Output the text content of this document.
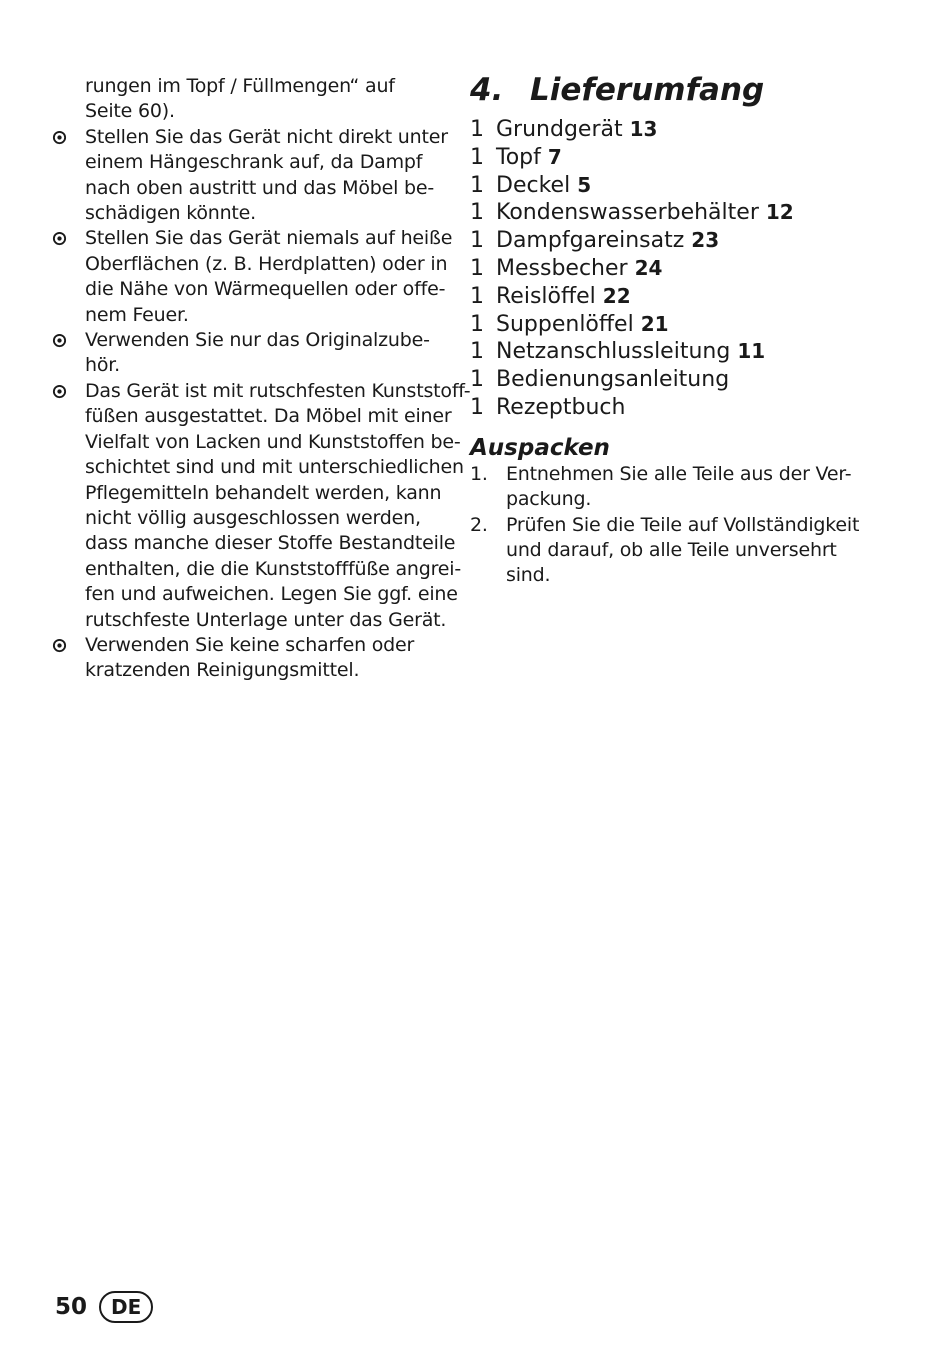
rungen im Topf / Füllmengen“ auf
Seite 60).
Stellen Sie das Gerät nicht direkt unter
einem Hängeschrank auf, da Dampf
nach oben austritt und das Möbel be-
schädigen könnte.
Stellen Sie das Gerät niemals auf heiße
Oberflächen (z. B. Herdplatten) oder in
die Nähe von Wärmequellen oder offe-
nem Feuer.
Verwenden Sie nur das Originalzube-
hör.
Das Gerät ist mit rutschfesten Kunststoff-
füßen ausgestattet. Da Möbel mit einer
Vielfalt von Lacken und Kunststoffen be-
schichtet sind und mit unterschiedlichen
Pflegemitteln behandelt werden, kann
nicht völlig ausgeschlossen werden,
dass manche dieser Stoffe Bestandteile
enthalten, die die Kunststofffüße angrei-
fen und aufweichen. Legen Sie ggf. eine
rutschfeste Unterlage unter das Gerät.
Verwenden Sie keine scharfen oder
kratzenden Reinigungsmittel.
4. Lieferumfang
1 Grundgerät 13
1 Topf 7
1 Deckel 5
1 Kondenswasserbehälter 12
1 Dampfgareinsatz 23
1 Messbecher 24
1 Reislöffel 22
1 Suppenlöffel 21
1 Netzanschlussleitung 11
1 Bedienungsanleitung
1 Rezeptbuch
Auspacken
1. Entnehmen Sie alle Teile aus der Ver-
packung.
2. Prüfen Sie die Teile auf Vollständigkeit
und darauf, ob alle Teile unversehrt
sind.
50	DE
